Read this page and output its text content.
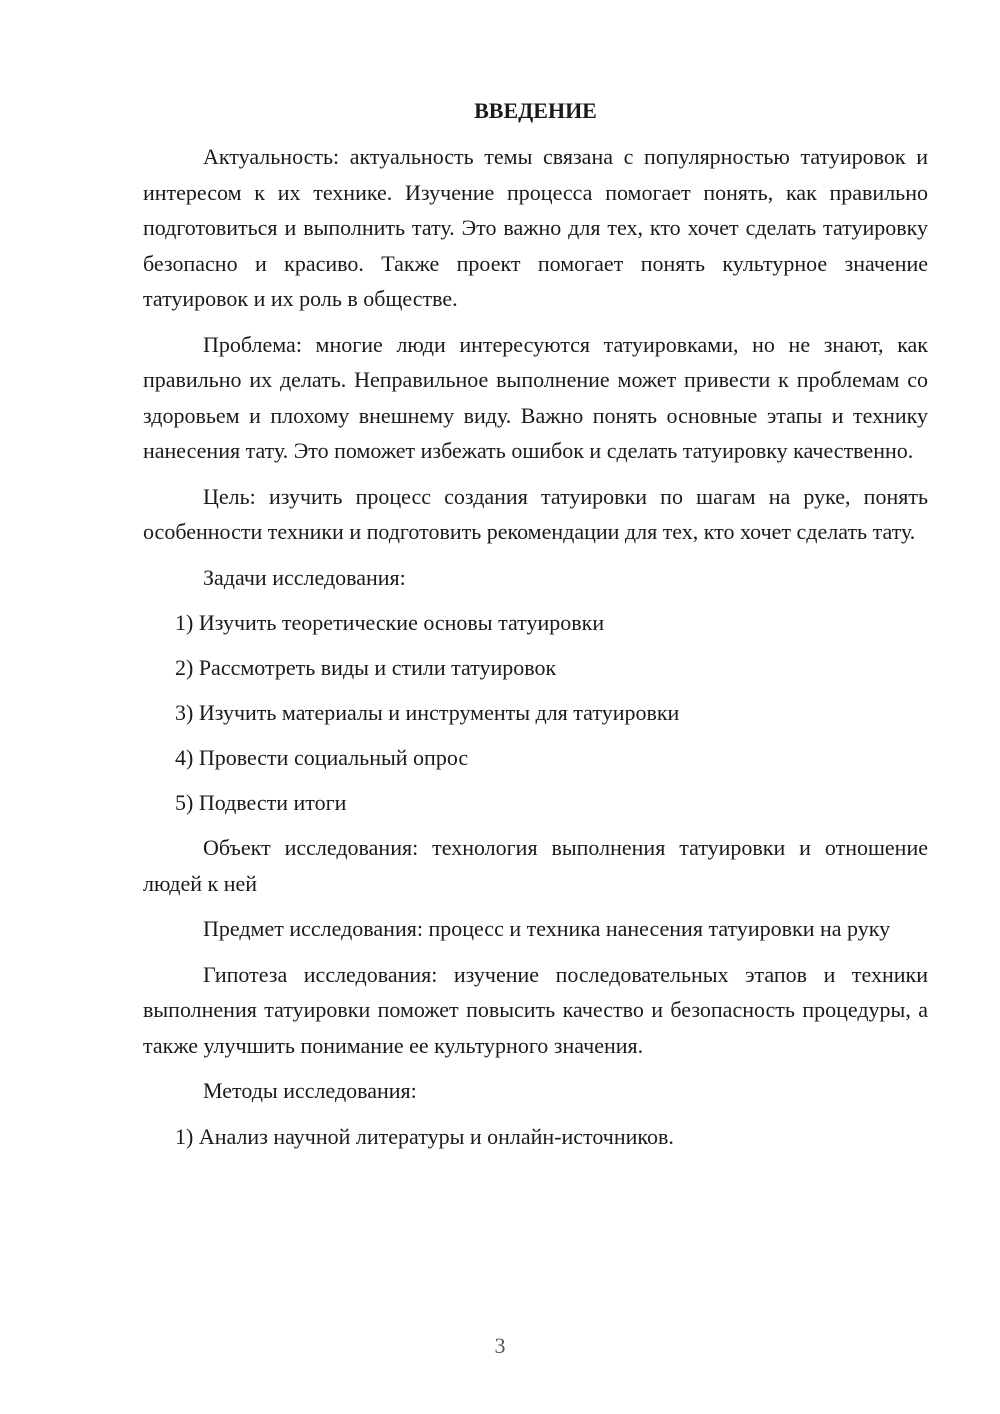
ВВЕДЕНИЕ

Актуальность: актуальность темы связана с популярностью татуировок и интересом к их технике. Изучение процесса помогает понять, как правильно подготовиться и выполнить тату. Это важно для тех, кто хочет сделать татуировку безопасно и красиво. Также проект помогает понять культурное значение татуировок и их роль в обществе.

Проблема: многие люди интересуются татуировками, но не знают, как правильно их делать. Неправильное выполнение может привести к проблемам со здоровьем и плохому внешнему виду. Важно понять основные этапы и технику нанесения тату. Это поможет избежать ошибок и сделать татуировку качественно.

Цель: изучить процесс создания татуировки по шагам на руке, понять особенности техники и подготовить рекомендации для тех, кто хочет сделать тату.

Задачи исследования:
1) Изучить теоретические основы татуировки
2) Рассмотреть виды и стили татуировок
3) Изучить материалы и инструменты для татуировки
4) Провести социальный опрос
5) Подвести итоги

Объект исследования: технология выполнения татуировки и отношение людей к ней

Предмет исследования: процесс и техника нанесения татуировки на руку

Гипотеза исследования: изучение последовательных этапов и техники выполнения татуировки поможет повысить качество и безопасность процедуры, а также улучшить понимание ее культурного значения.

Методы исследования:
1) Анализ научной литературы и онлайн-источников.
3
